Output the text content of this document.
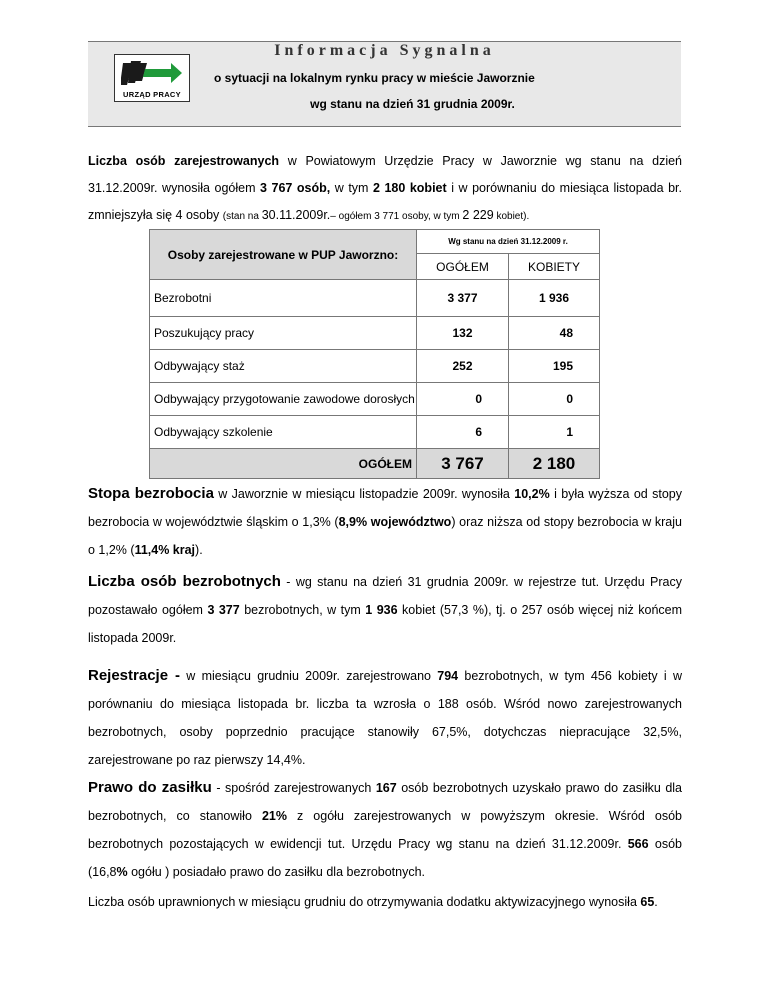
URZĄD PRACY
Informacja Sygnalna
o sytuacji na lokalnym rynku pracy w mieście Jaworznie
wg stanu na dzień 31 grudnia 2009r.

Liczba osób zarejestrowanych w Powiatowym Urzędzie Pracy w Jaworznie wg stanu na dzień 31.12.2009r. wynosiła ogółem 3 767 osób, w tym 2 180 kobiet i w porównaniu do miesiąca listopada br. zmniejszyła się 4 osoby (stan na 30.11.2009r.– ogółem 3 771 osoby, w tym 2 229 kobiet).

Osoby zarejestrowane w PUP Jaworzno:	Wg stanu na dzień 31.12.2009 r.	
	OGÓŁEM	KOBIETY
Bezrobotni	3 377	1 936
Poszukujący pracy	132	48
Odbywający staż	252	195
Odbywający przygotowanie zawodowe dorosłych	0	0
Odbywający szkolenie	6	1
OGÓŁEM	3 767	2 180

Stopa bezrobocia w Jaworznie w miesiącu listopadzie 2009r. wynosiła 10,2% i była wyższa od stopy bezrobocia w województwie śląskim o 1,3% (8,9% województwo) oraz niższa od stopy bezrobocia w kraju o 1,2% (11,4% kraj).

Liczba osób bezrobotnych - wg stanu na dzień 31 grudnia 2009r. w rejestrze tut. Urzędu Pracy pozostawało ogółem 3 377 bezrobotnych, w tym 1 936 kobiet (57,3 %), tj. o 257 osób więcej niż końcem listopada 2009r.

Rejestracje - w miesiącu grudniu 2009r. zarejestrowano 794 bezrobotnych, w tym 456 kobiety i w porównaniu do miesiąca listopada br. liczba ta wzrosła o 188 osób. Wśród nowo zarejestrowanych bezrobotnych, osoby poprzednio pracujące stanowiły 67,5%, dotychczas niepracujące 32,5%, zarejestrowane po raz pierwszy 14,4%.

Prawo do zasiłku - spośród zarejestrowanych 167 osób bezrobotnych uzyskało prawo do zasiłku dla bezrobotnych, co stanowiło 21% z ogółu zarejestrowanych w powyższym okresie. Wśród osób bezrobotnych pozostających w ewidencji tut. Urzędu Pracy wg stanu na dzień 31.12.2009r. 566 osób (16,8% ogółu ) posiadało prawo do zasiłku dla bezrobotnych.

Liczba osób uprawnionych w miesiącu grudniu do otrzymywania dodatku aktywizacyjnego wynosiła 65.
